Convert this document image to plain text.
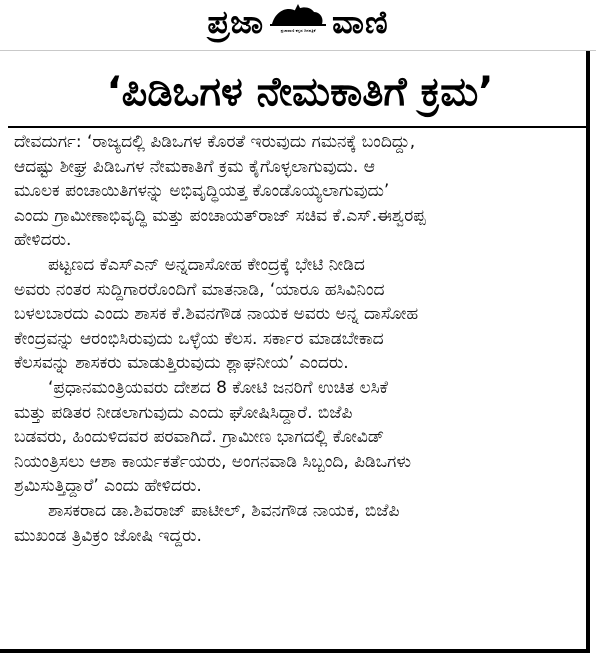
ಪ್ರಜಾ	ಪ್ರಜಾವಾಣಿ ಕನ್ನಡ ದಿನಪತ್ರಿಕೆ ವಾಣಿ
‘ಪಿಡಿಒಗಳ ನೇಮಕಾತಿಗೆ ಕ್ರಮ’

ದೇವದುರ್ಗ: ‘ರಾಜ್ಯದಲ್ಲಿ ಪಿಡಿಒಗಳ ಕೊರತೆ ಇರುವುದು ಗಮನಕ್ಕೆ ಬಂದಿದ್ದು,

ಆದಷ್ಟು ಶೀಘ್ರ ಪಿಡಿಒಗಳ ನೇಮಕಾತಿಗೆ ಕ್ರಮ ಕೈಗೊಳ್ಳಲಾಗುವುದು. ಆ

ಮೂಲಕ ಪಂಚಾಯಿತಿಗಳನ್ನು ಅಭಿವೃದ್ಧಿಯತ್ತ ಕೊಂಡೊಯ್ಯಲಾಗುವುದು’

ಎಂದು ಗ್ರಾಮೀಣಾಭಿವೃದ್ಧಿ ಮತ್ತು ಪಂಚಾಯತ್‌ರಾಜ್ ಸಚಿವ ಕೆ.ಎಸ್.ಈಶ್ವರಪ್ಪ

ಹೇಳಿದರು.

ಪಟ್ಟಣದ ಕೆಎಸ್‌ಎನ್ ಅನ್ನದಾಸೋಹ ಕೇಂದ್ರಕ್ಕೆ ಭೇಟಿ ನೀಡಿದ

ಅವರು ನಂತರ ಸುದ್ದಿಗಾರರೊಂದಿಗೆ ಮಾತನಾಡಿ, ‘ಯಾರೂ ಹಸಿವಿನಿಂದ

ಬಳಲಬಾರದು ಎಂದು ಶಾಸಕ ಕೆ.ಶಿವನಗೌಡ ನಾಯಕ ಅವರು ಅನ್ನ ದಾಸೋಹ

ಕೇಂದ್ರವನ್ನು ಆರಂಭಿಸಿರುವುದು ಒಳ್ಳೆಯ ಕೆಲಸ. ಸರ್ಕಾರ ಮಾಡಬೇಕಾದ

ಕೆಲಸವನ್ನು ಶಾಸಕರು ಮಾಡುತ್ತಿರುವುದು ಶ್ಲಾಘನೀಯ’ ಎಂದರು.

‘ಪ್ರಧಾನಮಂತ್ರಿಯವರು ದೇಶದ 8 ಕೋಟಿ ಜನರಿಗೆ ಉಚಿತ ಲಸಿಕೆ

ಮತ್ತು ಪಡಿತರ ನೀಡಲಾಗುವುದು ಎಂದು ಘೋಷಿಸಿದ್ದಾರೆ. ಬಿಜೆಪಿ

ಬಡವರು, ಹಿಂದುಳಿದವರ ಪರವಾಗಿದೆ. ಗ್ರಾಮೀಣ ಭಾಗದಲ್ಲಿ ಕೋವಿಡ್

ನಿಯಂತ್ರಿಸಲು ಆಶಾ ಕಾರ್ಯಕರ್ತೆಯರು, ಅಂಗನವಾಡಿ ಸಿಬ್ಬಂದಿ, ಪಿಡಿಒಗಳು

ಶ್ರಮಿಸುತ್ತಿದ್ದಾರೆ’ ಎಂದು ಹೇಳಿದರು.

ಶಾಸಕರಾದ ಡಾ.ಶಿವರಾಜ್ ಪಾಟೀಲ್, ಶಿವನಗೌಡ ನಾಯಕ, ಬಿಜೆಪಿ

ಮುಖಂಡ ತ್ರಿವಿಕ್ರಂ ಜೋಷಿ ಇದ್ದರು.
